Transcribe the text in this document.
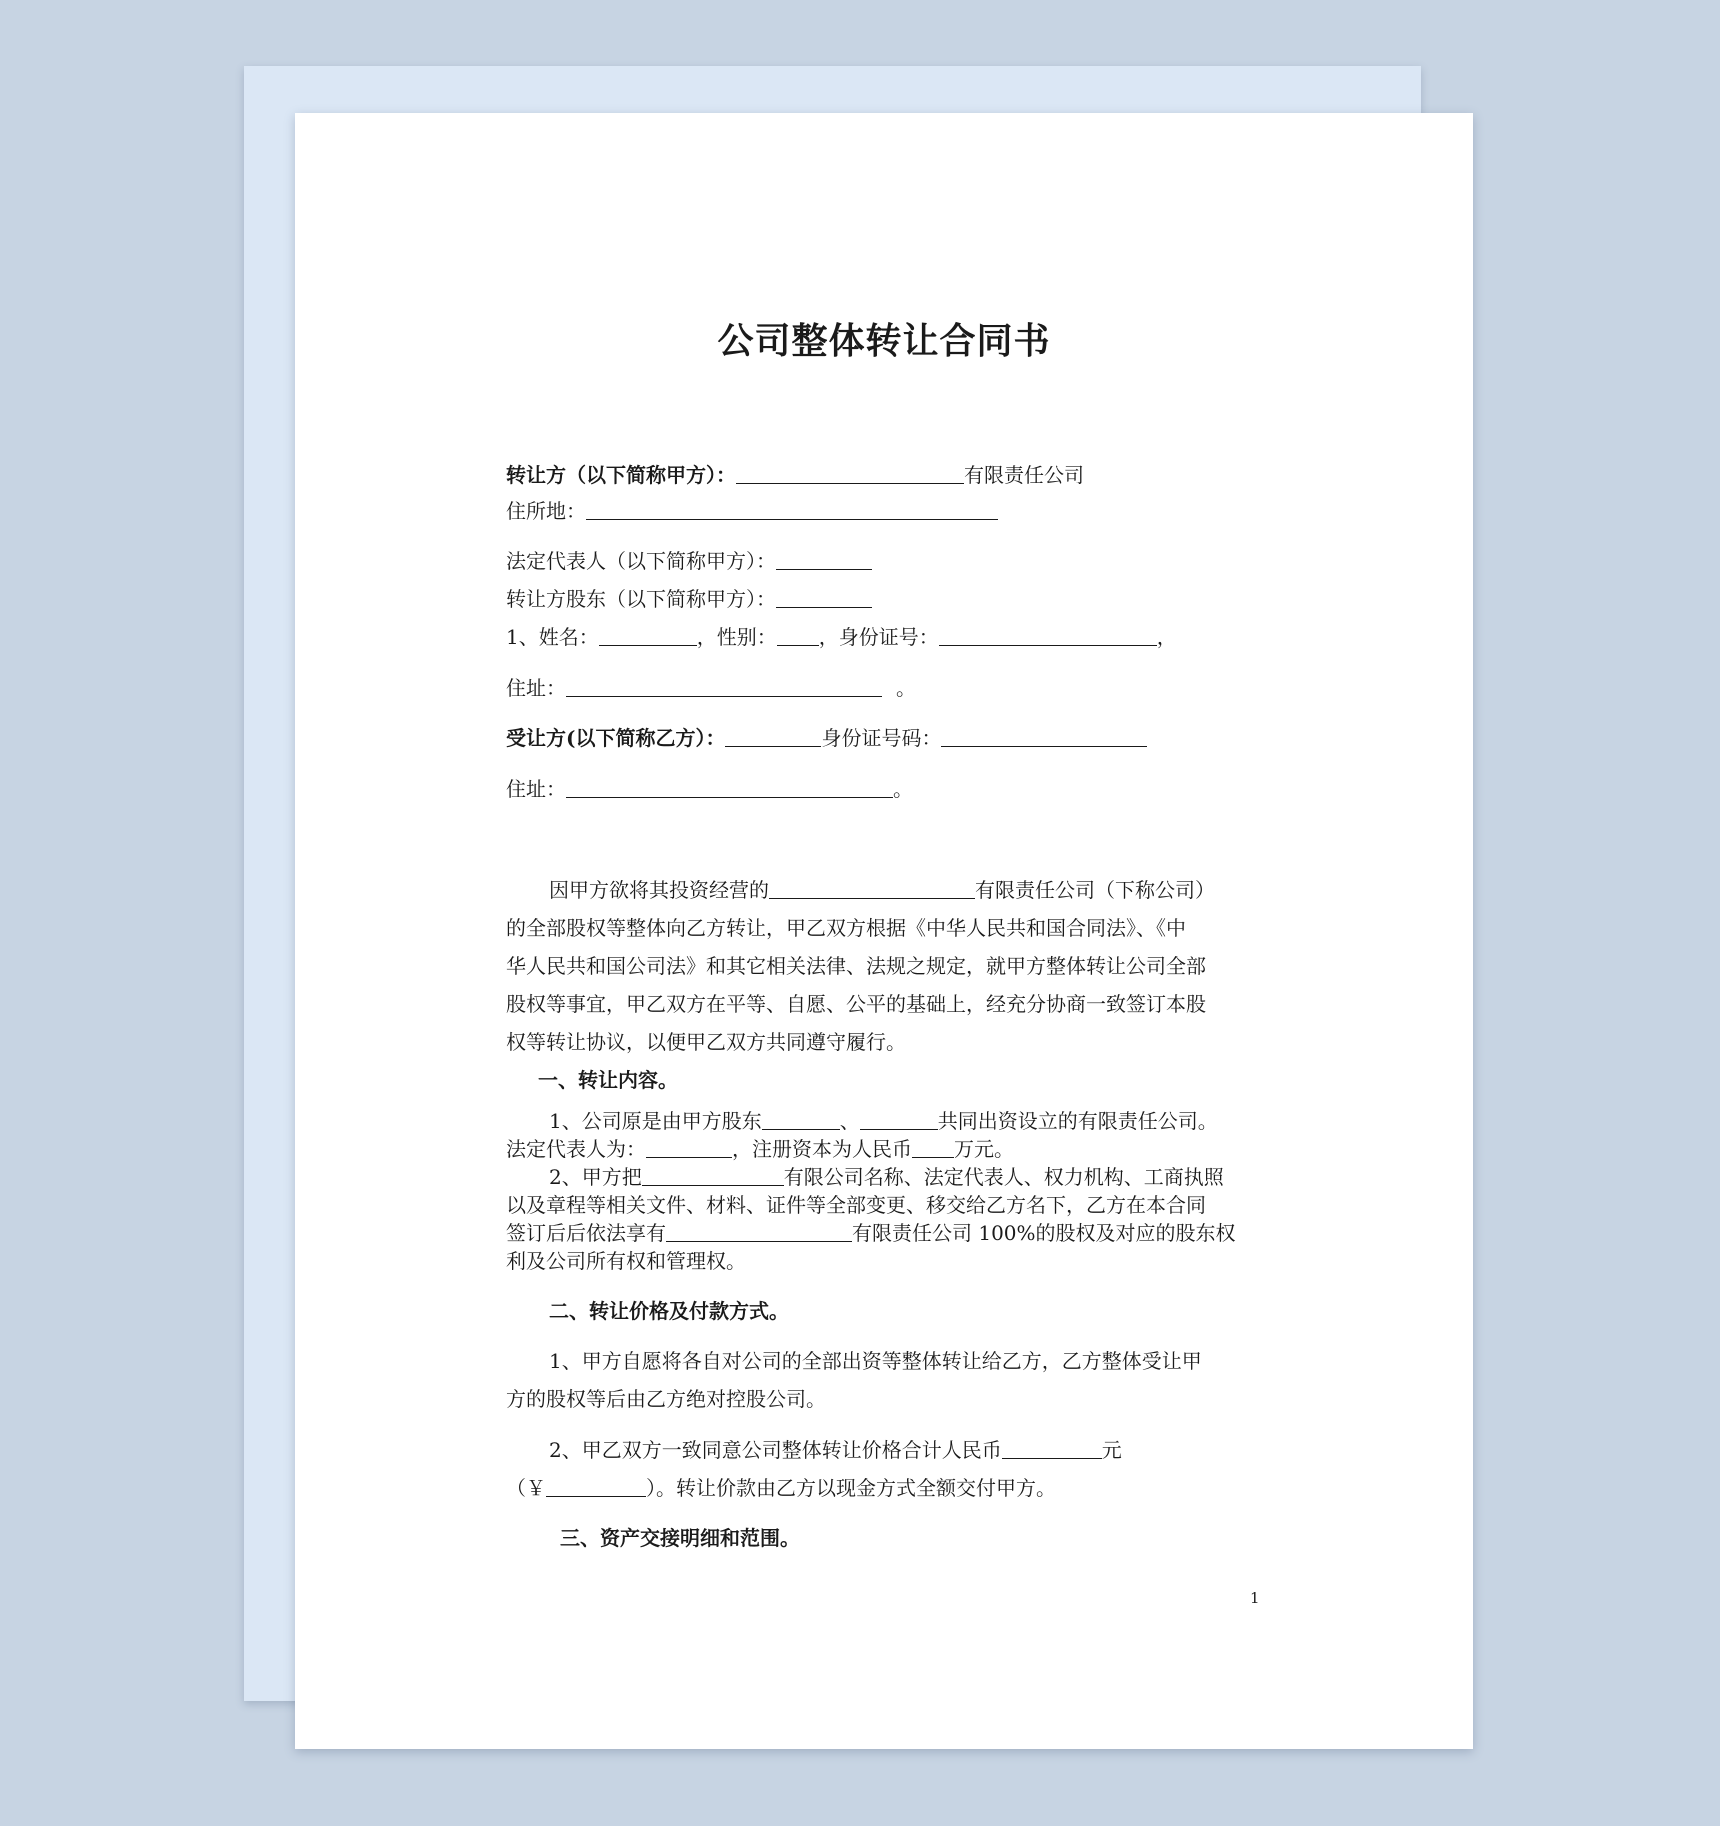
公司整体转让合同书
转让方（以下简称甲方）：	有限责任公司
住所地：
法定代表人（以下简称甲方）：
转让方股东（以下简称甲方）：
1、姓名：	，性别： ，身份证号：	，
住址：	。
受让方(以下简称乙方）：	身份证号码：
住址：	。
因甲方欲将其投资经营的	有限责任公司（下称公司）
的全部股权等整体向乙方转让，甲乙双方根据《中华人民共和国合同法》、《中
华人民共和国公司法》和其它相关法律、法规之规定，就甲方整体转让公司全部
股权等事宜，甲乙双方在平等、自愿、公平的基础上，经充分协商一致签订本股
权等转让协议，以便甲乙双方共同遵守履行。
一、转让内容。
1、公司原是由甲方股东	、	共同出资设立的有限责任公司。
法定代表人为：	，注册资本为人民币 万元。
2、甲方把	有限公司名称、法定代表人、权力机构、工商执照
以及章程等相关文件、材料、证件等全部变更、移交给乙方名下，乙方在本合同
签订后后依法享有	有限责任公司 100%的股权及对应的股东权
利及公司所有权和管理权。
二、转让价格及付款方式。
1、甲方自愿将各自对公司的全部出资等整体转让给乙方，乙方整体受让甲
方的股权等后由乙方绝对控股公司。
2、甲乙双方一致同意公司整体转让价格合计人民币	元
（￥	）。转让价款由乙方以现金方式全额交付甲方。
三、资产交接明细和范围。
1
